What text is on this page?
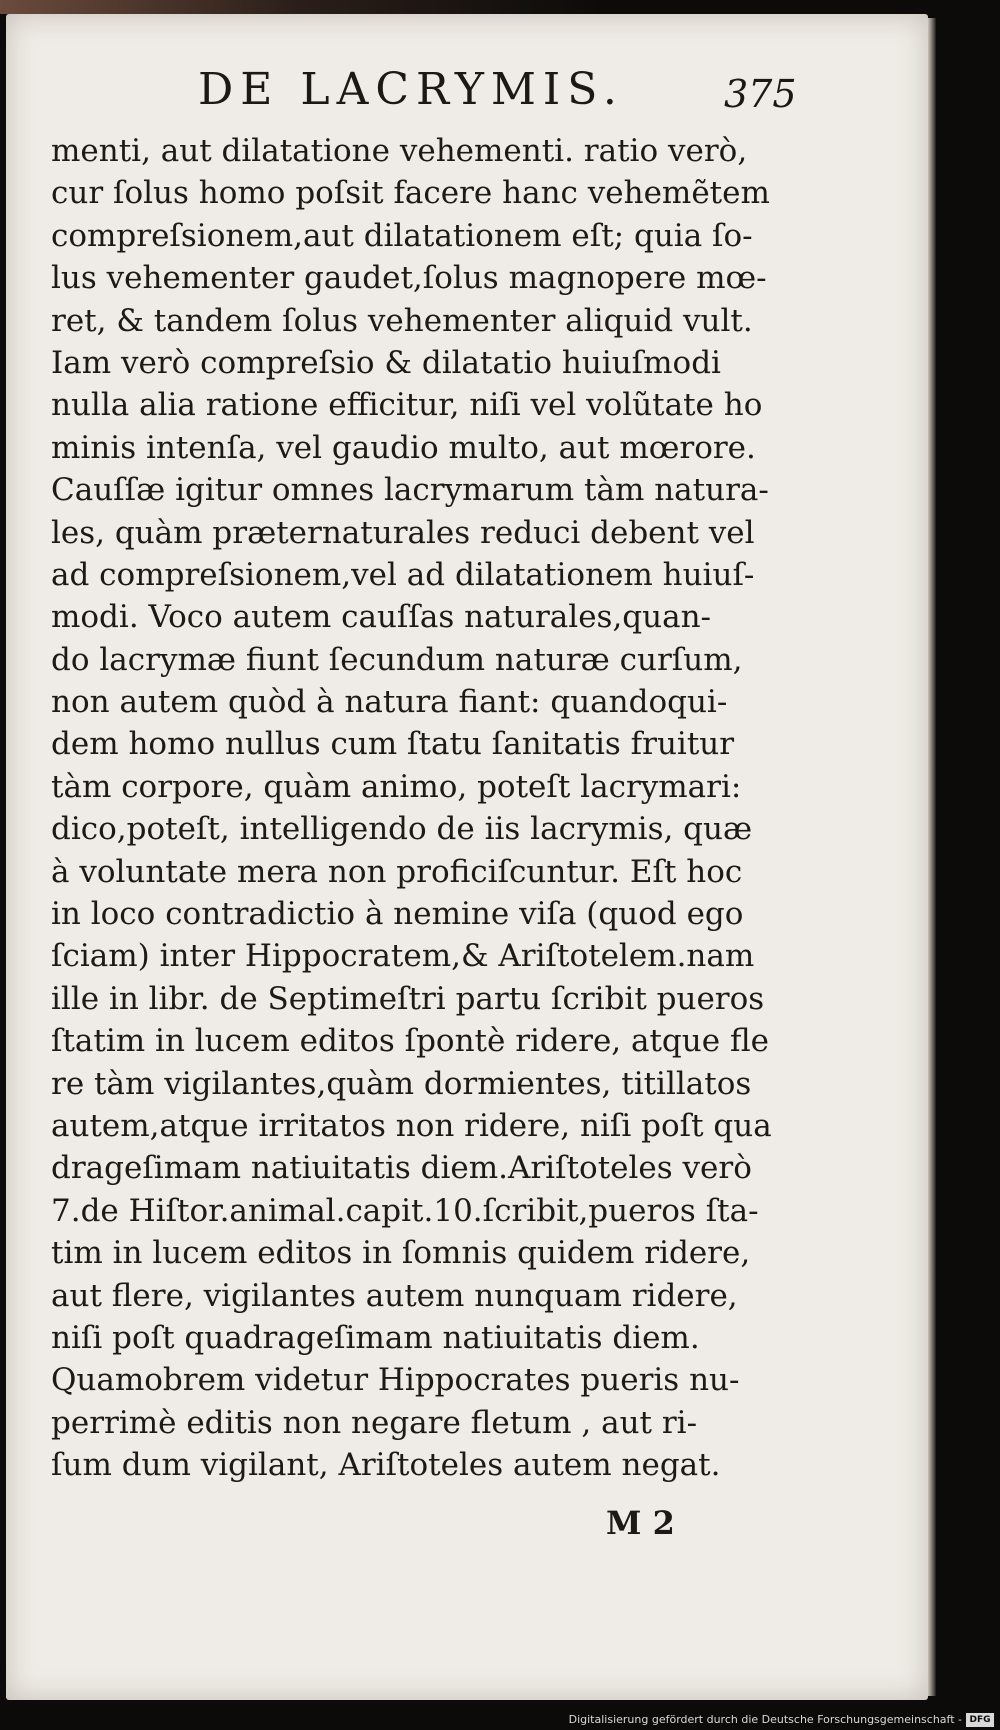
DE LACRYMIS.	375
menti, aut dilatatione vehementi. ratio verò,
cur ſolus homo poſsit facere hanc vehemẽtem
compreſsionem,aut dilatationem eſt; quia ſo-
lus vehementer gaudet,ſolus magnopere mœ-
ret, & tandem ſolus vehementer aliquid vult.
Iam verò compreſsio & dilatatio huiuſmodi
nulla alia ratione efficitur, niſi vel volũtate ho
minis intenſa, vel gaudio multo, aut mœrore.
Cauſſæ igitur omnes lacrymarum tàm natura-
les, quàm præternaturales reduci debent vel
ad compreſsionem,vel ad dilatationem huiuſ-
modi. Voco autem cauſſas naturales,quan-
do lacrymæ fiunt ſecundum naturæ curſum,
non autem quòd à natura fiant: quandoqui-
dem homo nullus cum ſtatu ſanitatis fruitur
tàm corpore, quàm animo, poteſt lacrymari:
dico,poteſt, intelligendo de iis lacrymis, quæ
à voluntate mera non proficiſcuntur. Eſt hoc
in loco contradictio à nemine viſa (quod ego
ſciam) inter Hippocratem,& Ariſtotelem.nam
ille in libr. de Septimeſtri partu ſcribit pueros
ſtatim in lucem editos ſpontè ridere, atque fle
re tàm vigilantes,quàm dormientes, titillatos
autem,atque irritatos non ridere, niſi poſt qua
drageſimam natiuitatis diem.Ariſtoteles verò
7.de Hiſtor.animal.capit.10.ſcribit,pueros ſta-
tim in lucem editos in ſomnis quidem ridere,
aut flere, vigilantes autem nunquam ridere,
niſi poſt quadrageſimam natiuitatis diem.
Quamobrem videtur Hippocrates pueris nu-
perrimè editis non negare fletum , aut ri-
ſum dum vigilant, Ariſtoteles autem negat.
M 2
Digitalisierung gefördert durch die Deutsche Forschungsgemeinschaft - DFG
